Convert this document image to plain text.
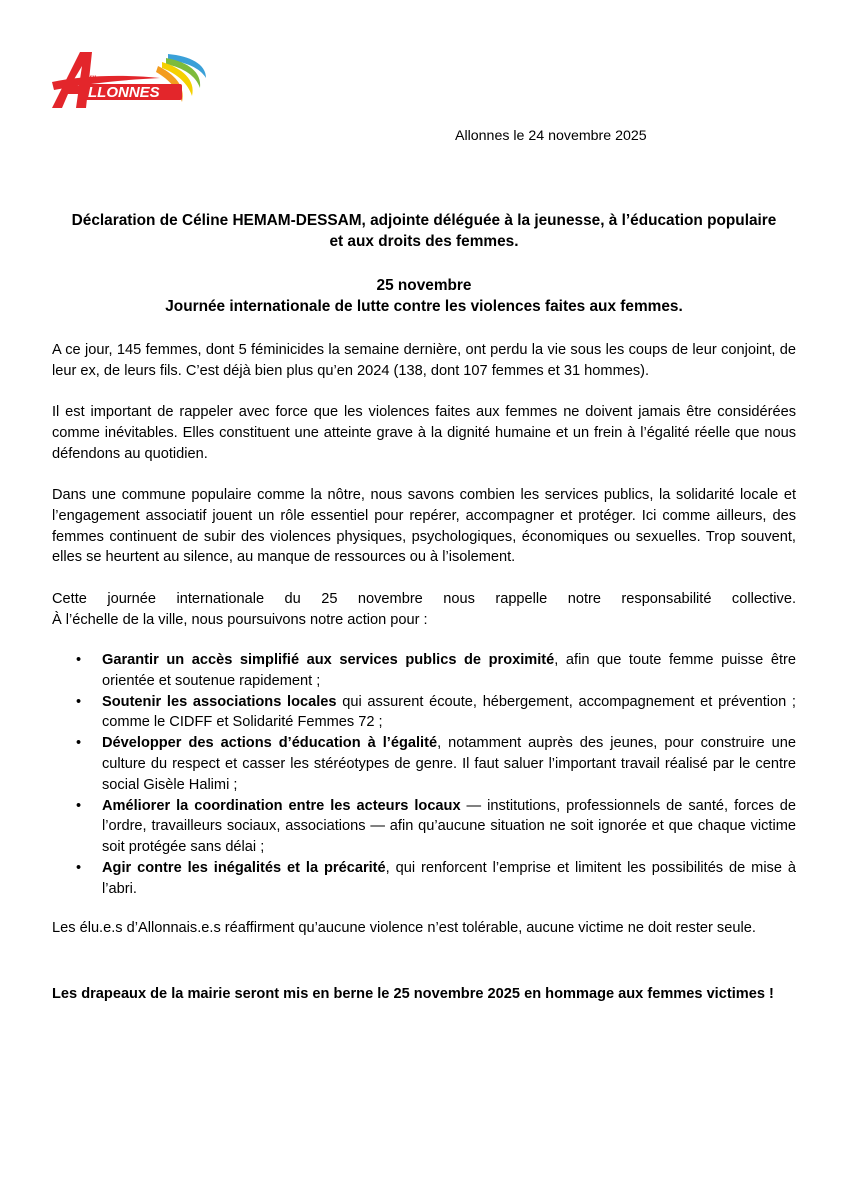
Ville
LLONNES
Allonnes le 24 novembre 2025
Déclaration de Céline HEMAM-DESSAM, adjointe déléguée à la jeunesse, à l’éducation populaire
et aux droits des femmes.
25 novembre
Journée internationale de lutte contre les violences faites aux femmes.

A ce jour, 145 femmes, dont 5 féminicides la semaine dernière, ont perdu la vie sous les coups de leur conjoint, de leur ex, de leurs fils. C’est déjà bien plus qu’en 2024 (138, dont 107 femmes et 31 hommes).

Il est important de rappeler avec force que les violences faites aux femmes ne doivent jamais être considérées comme inévitables. Elles constituent une atteinte grave à la dignité humaine et un frein à l’égalité réelle que nous défendons au quotidien.

Dans une commune populaire comme la nôtre, nous savons combien les services publics, la solidarité locale et l’engagement associatif jouent un rôle essentiel pour repérer, accompagner et protéger. Ici comme ailleurs, des femmes continuent de subir des violences physiques, psychologiques, économiques ou sexuelles. Trop souvent, elles se heurtent au silence, au manque de ressources ou à l’isolement.

Cette journée internationale du 25 novembre nous rappelle notre responsabilité collective.
À l’échelle de la ville, nous poursuivons notre action pour :
• Garantir un accès simplifié aux services publics de proximité, afin que toute femme puisse être orientée et soutenue rapidement ;
• Soutenir les associations locales qui assurent écoute, hébergement, accompagnement et prévention ; comme le CIDFF et Solidarité Femmes 72 ;
• Développer des actions d’éducation à l’égalité, notamment auprès des jeunes, pour construire une culture du respect et casser les stéréotypes de genre. Il faut saluer l’important travail réalisé par le centre social Gisèle Halimi ;
• Améliorer la coordination entre les acteurs locaux — institutions, professionnels de santé, forces de l’ordre, travailleurs sociaux, associations — afin qu’aucune situation ne soit ignorée et que chaque victime soit protégée sans délai ;
• Agir contre les inégalités et la précarité, qui renforcent l’emprise et limitent les possibilités de mise à l’abri.

Les élu.e.s d’Allonnais.e.s réaffirment qu’aucune violence n’est tolérable, aucune victime ne doit rester seule.

Les drapeaux de la mairie seront mis en berne le 25 novembre 2025 en hommage aux femmes victimes !
